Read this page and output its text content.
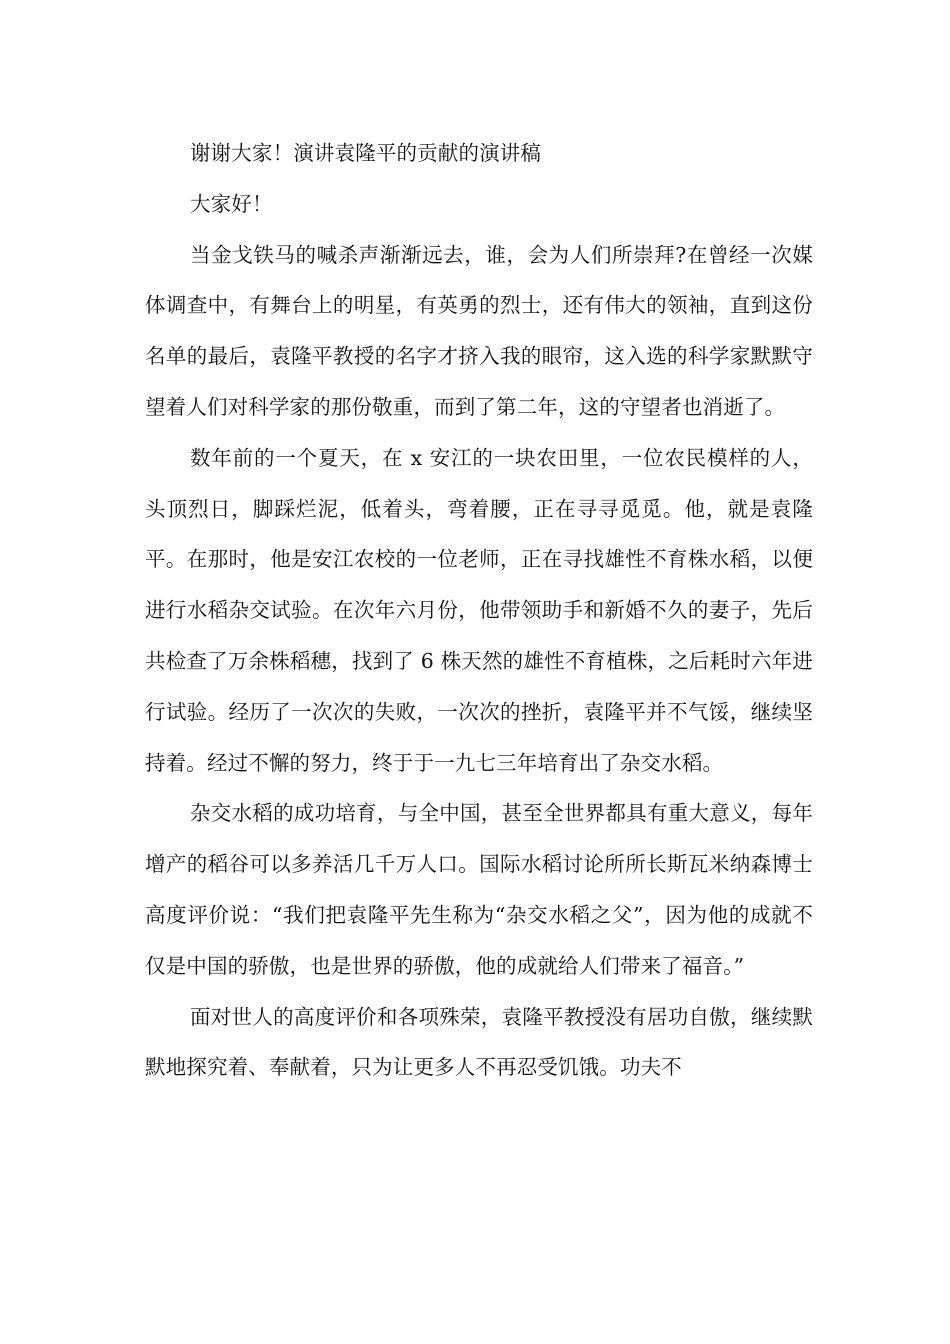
谢谢大家！演讲袁隆平的贡献的演讲稿

大家好！

当金戈铁马的喊杀声渐渐远去，谁，会为人们所崇拜?在曾经一次媒体调查中，有舞台上的明星，有英勇的烈士，还有伟大的领袖，直到这份名单的最后，袁隆平教授的名字才挤入我的眼帘，这入选的科学家默默守望着人们对科学家的那份敬重，而到了第二年，这的守望者也消逝了。

数年前的一个夏天，在 x 安江的一块农田里，一位农民模样的人，头顶烈日，脚踩烂泥，低着头，弯着腰，正在寻寻觅觅。他，就是袁隆平。在那时，他是安江农校的一位老师，正在寻找雄性不育株水稻，以便进行水稻杂交试验。在次年六月份，他带领助手和新婚不久的妻子，先后共检查了万余株稻穗，找到了 6 株天然的雄性不育植株，之后耗时六年进行试验。经历了一次次的失败，一次次的挫折，袁隆平并不气馁，继续坚持着。经过不懈的努力，终于于一九七三年培育出了杂交水稻。

杂交水稻的成功培育，与全中国，甚至全世界都具有重大意义，每年增产的稻谷可以多养活几千万人口。国际水稻讨论所所长斯瓦米纳森博士高度评价说：“我们把袁隆平先生称为“杂交水稻之父”，因为他的成就不仅是中国的骄傲，也是世界的骄傲，他的成就给人们带来了福音。”

面对世人的高度评价和各项殊荣，袁隆平教授没有居功自傲，继续默默地探究着、奉献着，只为让更多人不再忍受饥饿。功夫不
